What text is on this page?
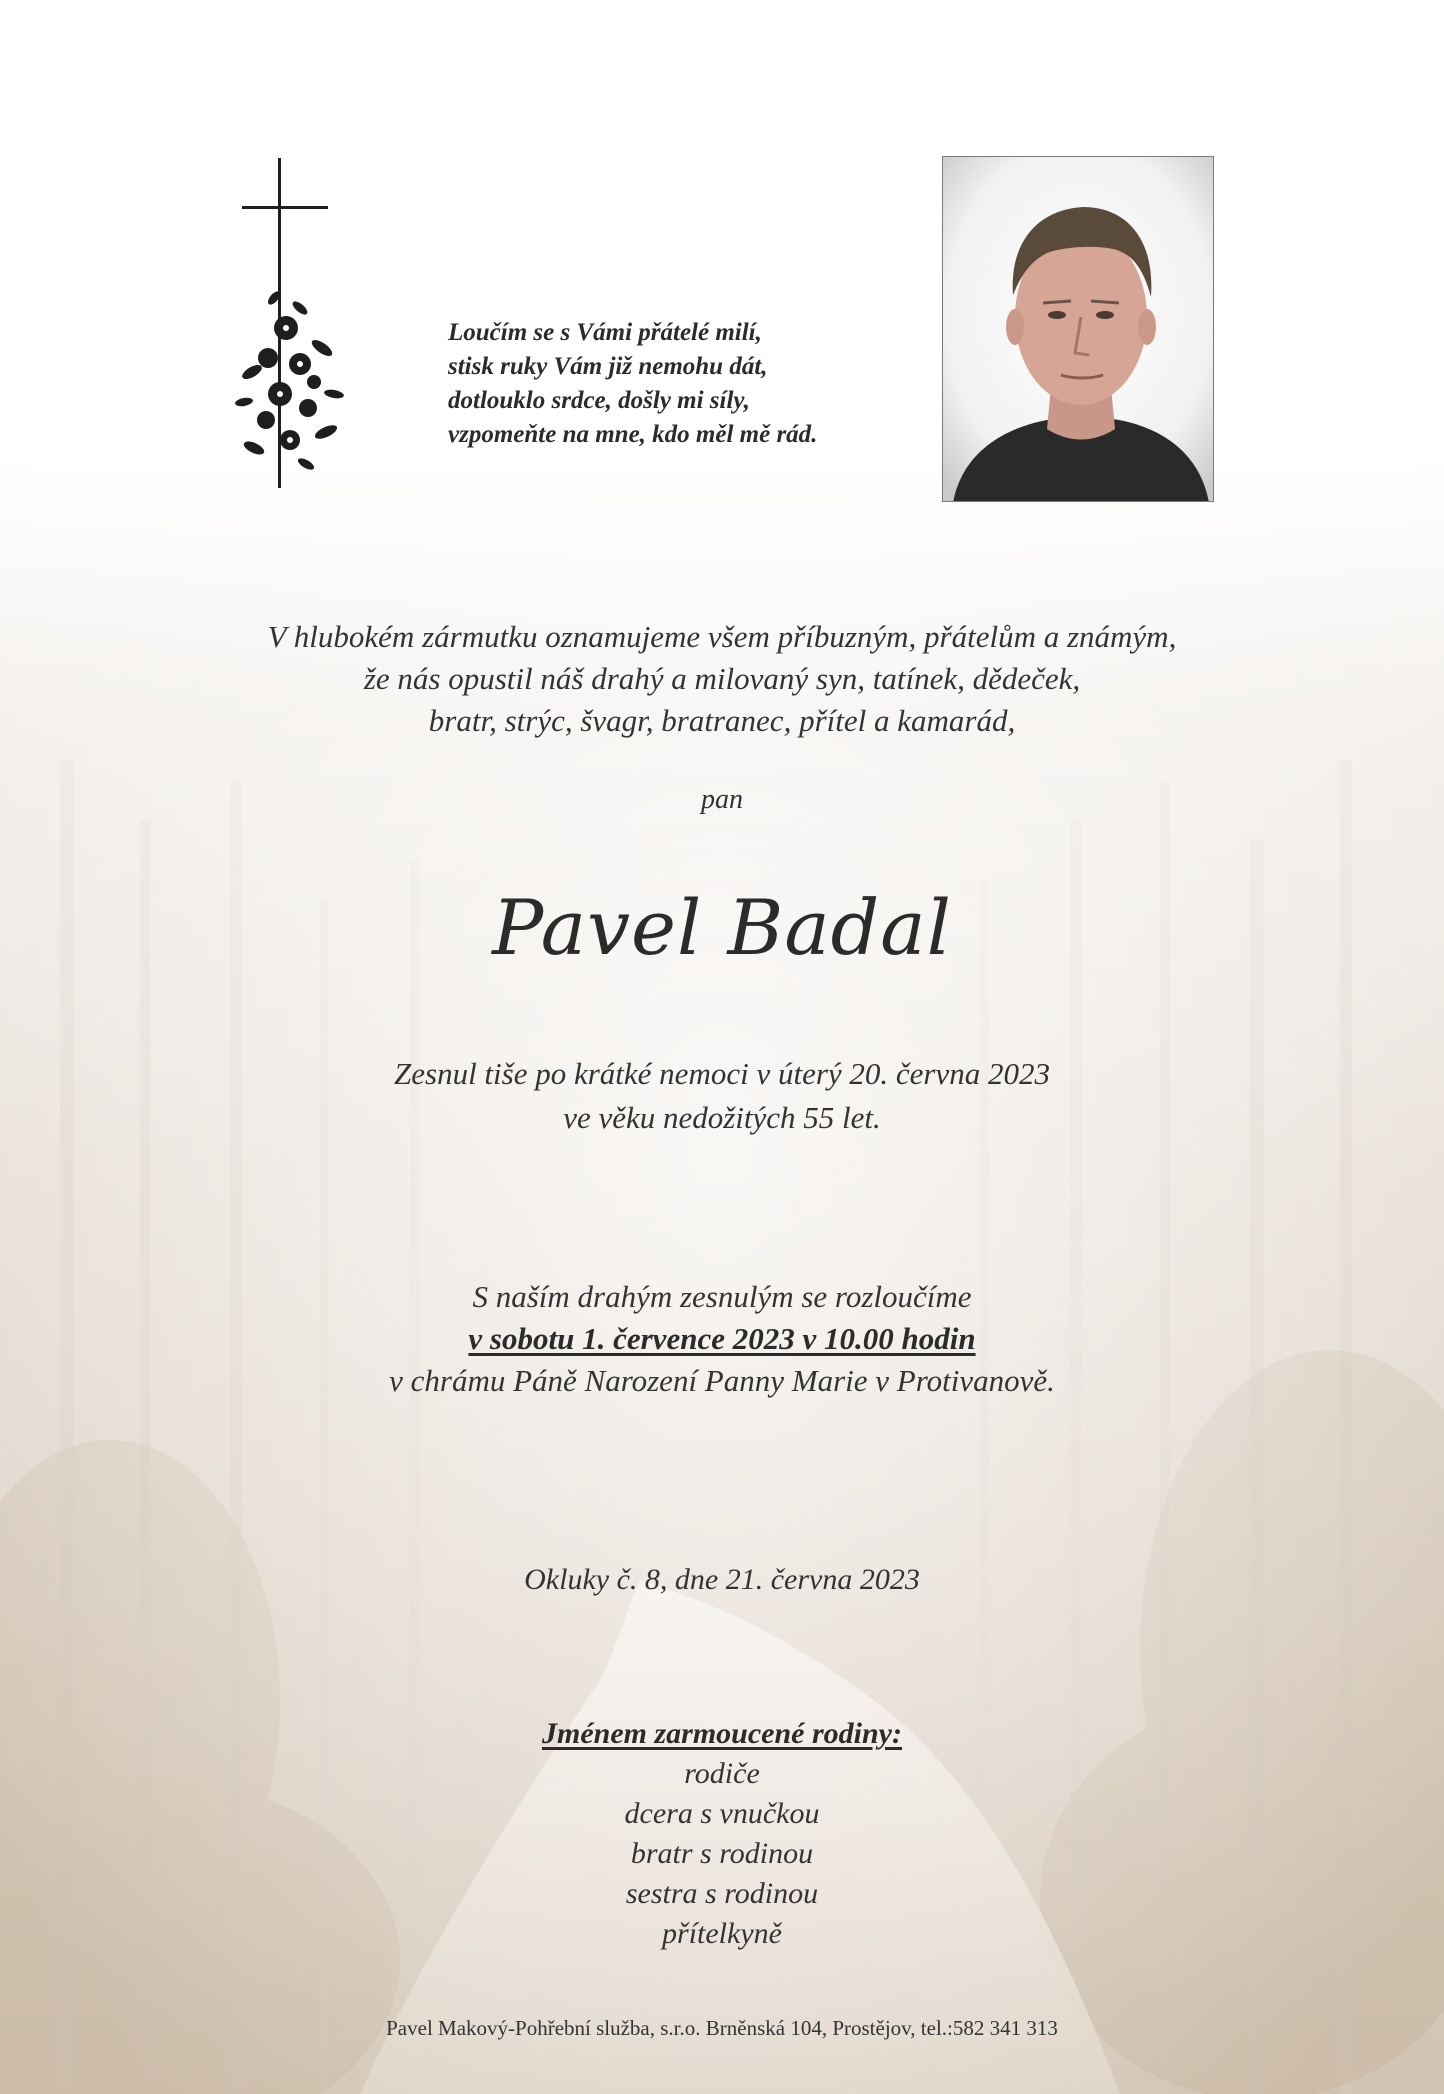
Loučím se s Vámi přátelé milí,
stisk ruky Vám již nemohu dát,
dotlouklo srdce, došly mi síly,
vzpomeňte na mne, kdo měl mě rád.
V hlubokém zármutku oznamujeme všem příbuzným, přátelům a známým,
že nás opustil náš drahý a milovaný syn, tatínek, dědeček,
bratr, strýc, švagr, bratranec, přítel a kamarád,
pan
Pavel Badal
Zesnul tiše po krátké nemoci v úterý 20. června 2023
ve věku nedožitých 55 let.
S naším drahým zesnulým se rozloučíme
v sobotu 1. července 2023 v 10.00 hodin
v chrámu Páně Narození Panny Marie v Protivanově.
Okluky č. 8, dne 21. června 2023
Jménem zarmoucené rodiny:
rodiče
dcera s vnučkou
bratr s rodinou
sestra s rodinou
přítelkyně
Pavel Makový-Pohřební služba, s.r.o. Brněnská 104, Prostějov, tel.:582 341 313
